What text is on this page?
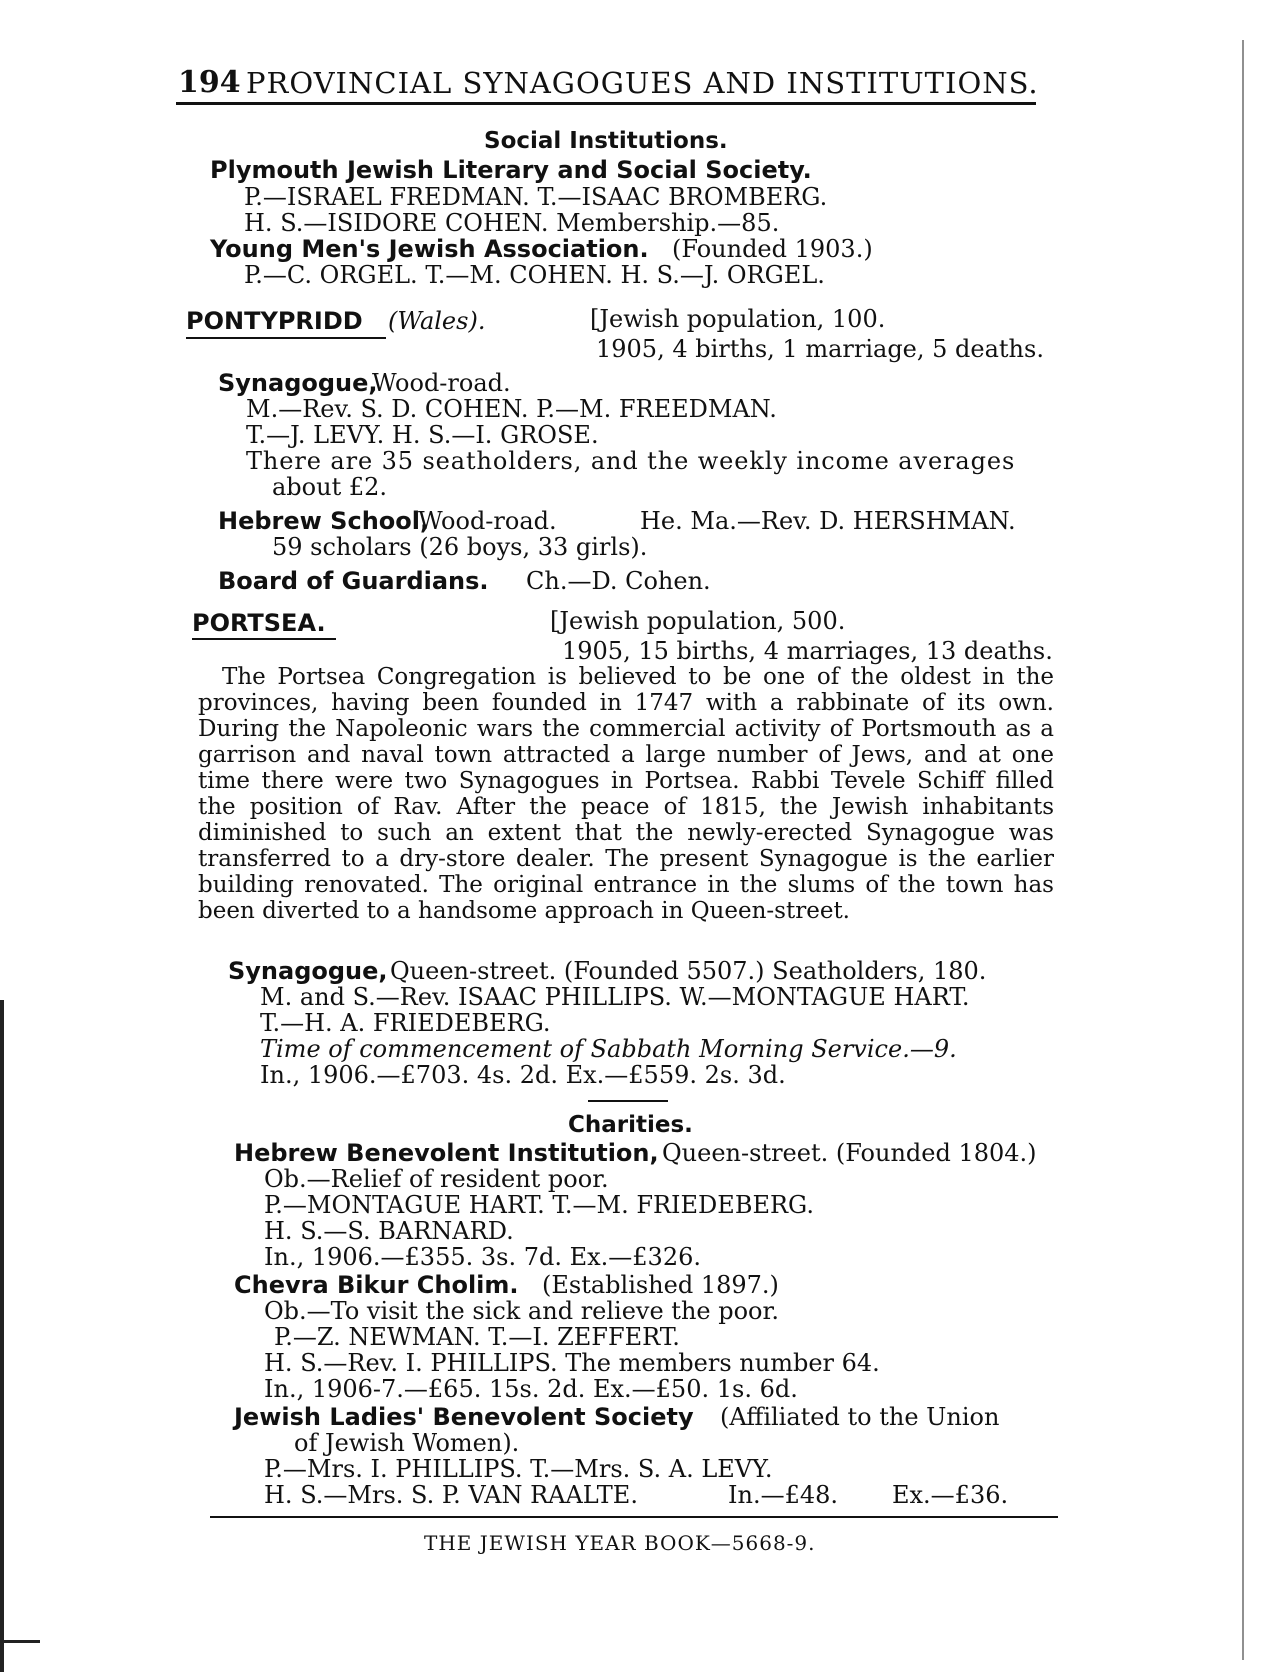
194 PROVINCIAL SYNAGOGUES AND INSTITUTIONS.
Social Institutions.
Plymouth Jewish Literary and Social Society.
P.—ISRAEL FREDMAN. T.—ISAAC BROMBERG.
H. S.—ISIDORE COHEN. Membership.—85.
Young Men's Jewish Association. (Founded 1903.)
P.—C. ORGEL. T.—M. COHEN. H. S.—J. ORGEL.
PONTYPRIDD (Wales).	[Jewish population, 100.
1905, 4 births, 1 marriage, 5 deaths.
Synagogue,
Wood-road.
M.—Rev. S. D. COHEN. P.—M. FREEDMAN.
T.—J. LEVY. H. S.—I. GROSE.
There are 35 seatholders, and the weekly income averages
about £2.
Hebrew School,
Wood-road.	He. Ma.—Rev. D. HERSHMAN.
59 scholars (26 boys, 33 girls).
Board of Guardians. Ch.—D. Cohen.
PORTSEA.	[Jewish population, 500.
1905, 15 births, 4 marriages, 13 deaths.
The Portsea Congregation is believed to be one of the oldest in the provinces, having been founded in 1747 with a rabbinate of its own. During the Napoleonic wars the commercial activity of Portsmouth as a garrison and naval town attracted a large number of Jews, and at one time there were two Synagogues in Portsea. Rabbi Tevele Schiff filled the position of Rav. After the peace of 1815, the Jewish inhabitants diminished to such an extent that the newly-erected Synagogue was transferred to a dry-store dealer. The present Synagogue is the earlier building renovated. The original entrance in the slums of the town has been diverted to a handsome approach in Queen-street.
Synagogue, Queen-street. (Founded 5507.) Seatholders, 180.
M. and S.—Rev. ISAAC PHILLIPS. W.—MONTAGUE HART.
T.—H. A. FRIEDEBERG.
Time of commencement of Sabbath Morning Service.—9.
In., 1906.—£703. 4s. 2d. Ex.—£559. 2s. 3d.
Charities.
Hebrew Benevolent Institution, Queen-street. (Founded 1804.)
Ob.—Relief of resident poor.
P.—MONTAGUE HART. T.—M. FRIEDEBERG.
H. S.—S. BARNARD.
In., 1906.—£355. 3s. 7d. Ex.—£326.
Chevra Bikur Cholim. (Established 1897.)
Ob.—To visit the sick and relieve the poor.
P.—Z. NEWMAN. T.—I. ZEFFERT.
H. S.—Rev. I. PHILLIPS. The members number 64.
In., 1906-7.—£65. 15s. 2d. Ex.—£50. 1s. 6d.
Jewish Ladies' Benevolent Society (Affiliated to the Union
of Jewish Women).
P.—Mrs. I. PHILLIPS. T.—Mrs. S. A. LEVY.
H. S.—Mrs. S. P. VAN RAALTE.	In.—£48. Ex.—£36.
THE JEWISH YEAR BOOK—5668-9.
